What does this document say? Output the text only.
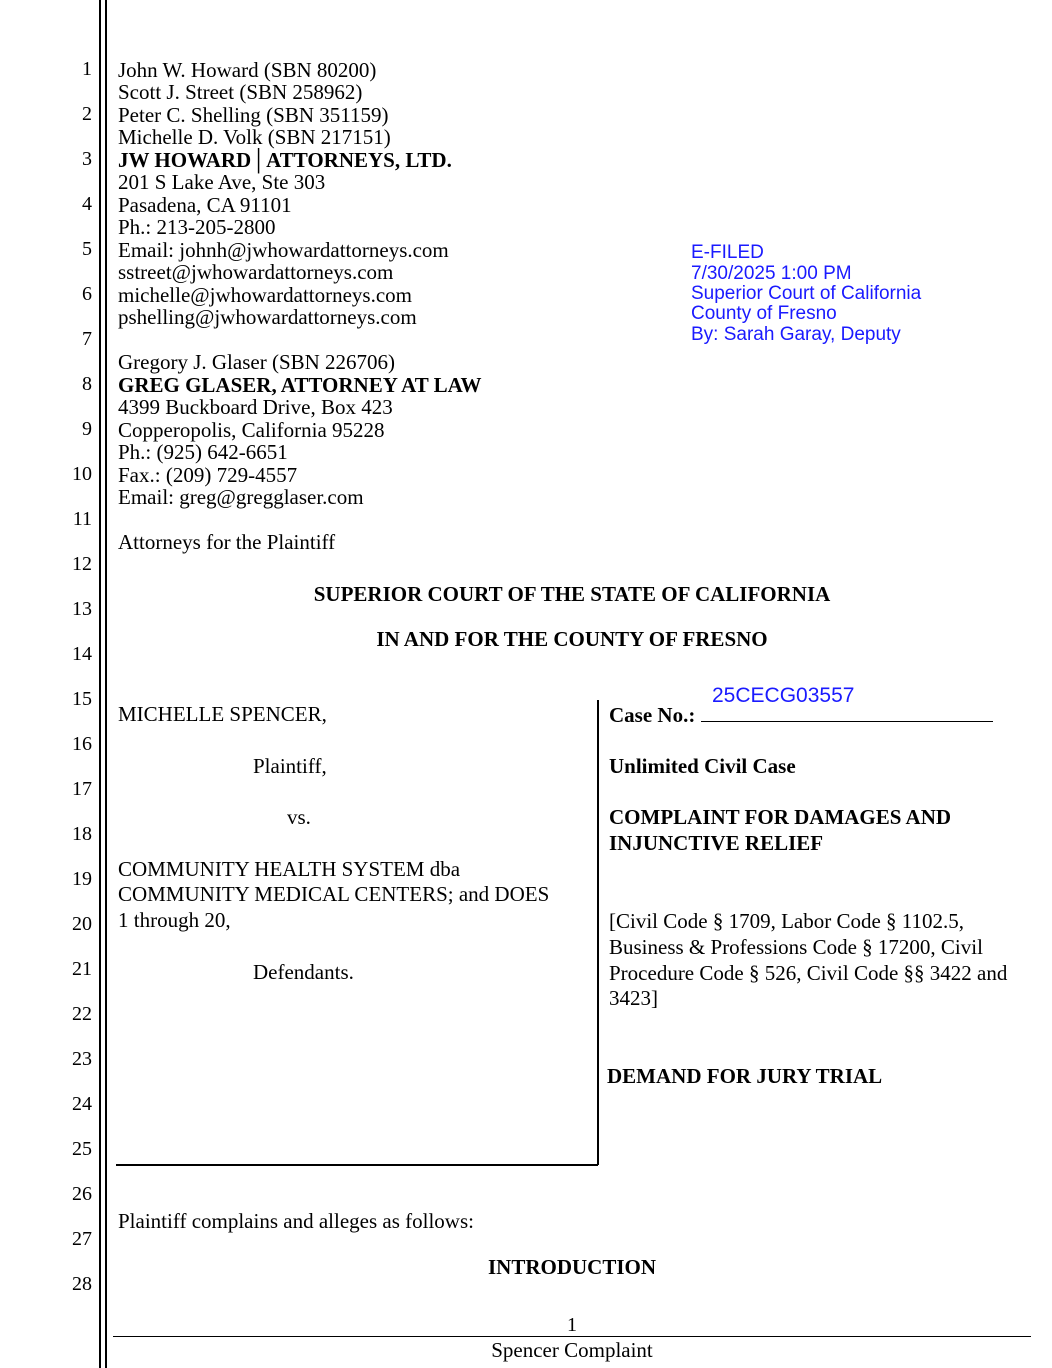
1
2
3
4
5
6
7
8
9
10
11
12
13
14
15
16
17
18
19
20
21
22
23
24
25
26
27
28
John W. Howard (SBN 80200)
Scott J. Street (SBN 258962)
Peter C. Shelling (SBN 351159)
Michelle D. Volk (SBN 217151)
JW HOWARD│ATTORNEYS, LTD.
201 S Lake Ave, Ste 303
Pasadena, CA 91101
Ph.: 213-205-2800
Email: johnh@jwhowardattorneys.com
sstreet@jwhowardattorneys.com
michelle@jwhowardattorneys.com
pshelling@jwhowardattorneys.com
Gregory J. Glaser (SBN 226706)
GREG GLASER, ATTORNEY AT LAW
4399 Buckboard Drive, Box 423
Copperopolis, California 95228
Ph.: (925) 642-6651
Fax.: (209) 729-4557
Email: greg@gregglaser.com
Attorneys for the Plaintiff
E-FILED
7/30/2025 1:00 PM
Superior Court of California
County of Fresno
By: Sarah Garay, Deputy
SUPERIOR COURT OF THE STATE OF CALIFORNIA
IN AND FOR THE COUNTY OF FRESNO
MICHELLE SPENCER,
Plaintiff,
vs.
COMMUNITY HEALTH SYSTEM dba
COMMUNITY MEDICAL CENTERS; and DOES
1 through 20,
Defendants.
25CECG03557
Case No.:
Unlimited Civil Case
COMPLAINT FOR DAMAGES AND
INJUNCTIVE RELIEF
[Civil Code § 1709, Labor Code § 1102.5,
Business & Professions Code § 17200, Civil
Procedure Code § 526, Civil Code §§ 3422 and
3423]
DEMAND FOR JURY TRIAL
Plaintiff complains and alleges as follows:
INTRODUCTION
1
Spencer Complaint
